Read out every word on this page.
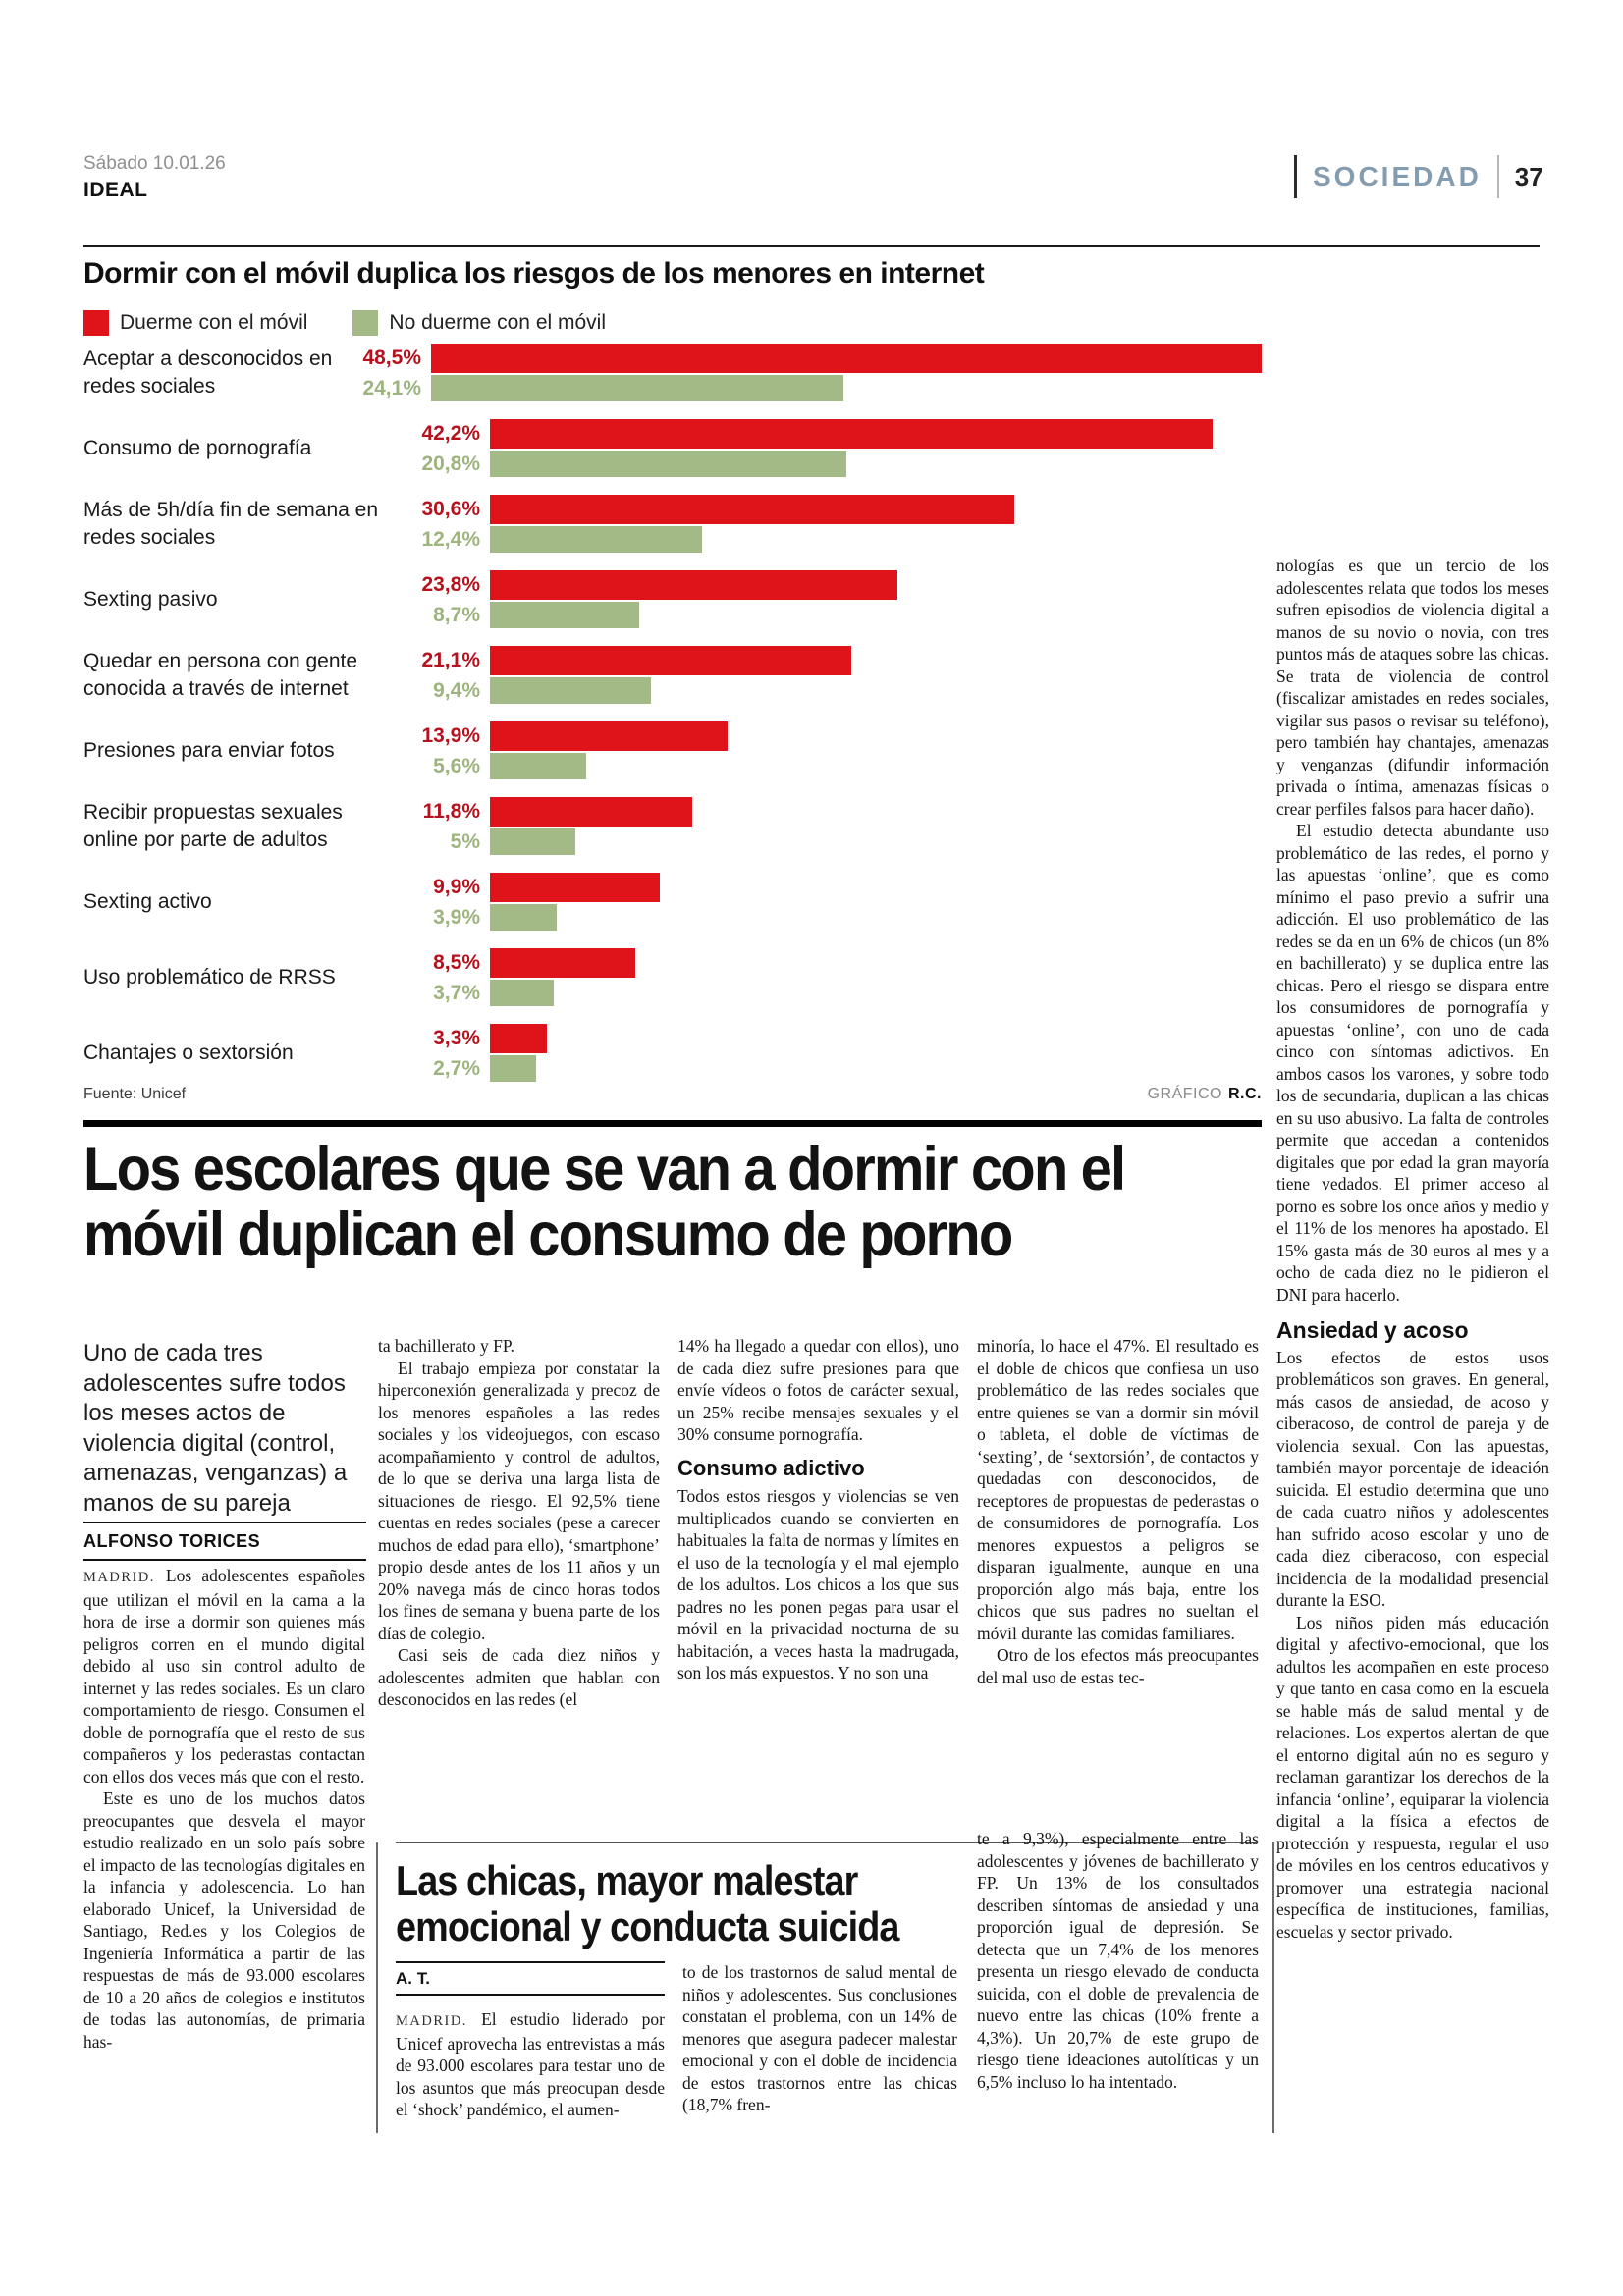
Sábado 10.01.26
IDEAL	SOCIEDAD 37
Dormir con el móvil duplica los riesgos de los menores en internet
Duerme con el móvil	No duerme con el móvil
Aceptar a desconocidos en redes sociales
48,5%
24,1%
Consumo de pornografía
42,2%
20,8%
Más de 5h/día fin de semana en redes sociales
30,6%
12,4%
Sexting pasivo
23,8%
8,7%
Quedar en persona con gente conocida a través de internet
21,1%
9,4%
Presiones para enviar fotos
13,9%
5,6%
Recibir propuestas sexuales online por parte de adultos
11,8%
5%
Sexting activo
9,9%
3,9%
Uso problemático de RRSS
8,5%
3,7%
Chantajes o sextorsión
3,3%
2,7%
Fuente: Unicef	GRÁFICO R.C.
Los escolares que se van a dormir con el móvil duplican el consumo de porno
Uno de cada tres adolescentes sufre todos los meses actos de violencia digital (control, amenazas, venganzas) a manos de su pareja
ALFONSO TORICES

MADRID. Los adolescentes españoles que utilizan el móvil en la cama a la hora de irse a dormir son quienes más peligros corren en el mundo digital debido al uso sin control adulto de internet y las redes sociales. Es un claro comportamiento de riesgo. Consumen el doble de pornografía que el resto de sus compañeros y los pederastas contactan con ellos dos veces más que con el resto.

Este es uno de los muchos datos preocupantes que desvela el mayor estudio realizado en un solo país sobre el impacto de las tecnologías digitales en la infancia y adolescencia. Lo han elaborado Unicef, la Universidad de Santiago, Red.es y los Colegios de Ingeniería Informática a partir de las respuestas de más de 93.000 escolares de 10 a 20 años de colegios e institutos de todas las autonomías, de primaria has-

ta bachillerato y FP.

El trabajo empieza por constatar la hiperconexión generalizada y precoz de los menores españoles a las redes sociales y los videojuegos, con escaso acompañamiento y control de adultos, de lo que se deriva una larga lista de situaciones de riesgo. El 92,5% tiene cuentas en redes sociales (pese a carecer muchos de edad para ello), ‘smartphone’ propio desde antes de los 11 años y un 20% navega más de cinco horas todos los fines de semana y buena parte de los días de colegio.

Casi seis de cada diez niños y adolescentes admiten que hablan con desconocidos en las redes (el

14% ha llegado a quedar con ellos), uno de cada diez sufre presiones para que envíe vídeos o fotos de carácter sexual, un 25% recibe mensajes sexuales y el 30% consume pornografía.

Consumo adictivo

Todos estos riesgos y violencias se ven multiplicados cuando se convierten en habituales la falta de normas y límites en el uso de la tecnología y el mal ejemplo de los adultos. Los chicos a los que sus padres no les ponen pegas para usar el móvil en la privacidad nocturna de su habitación, a veces hasta la madrugada, son los más expuestos. Y no son una

minoría, lo hace el 47%. El resultado es el doble de chicos que confiesa un uso problemático de las redes sociales que entre quienes se van a dormir sin móvil o tableta, el doble de víctimas de ‘sexting’, de ‘sextorsión’, de contactos y quedadas con desconocidos, de receptores de propuestas de pederastas o de consumidores de pornografía. Los menores expuestos a peligros se disparan igualmente, aunque en una proporción algo más baja, entre los chicos que sus padres no sueltan el móvil durante las comidas familiares.

Otro de los efectos más preocupantes del mal uso de estas tec-

Las chicas, mayor malestar emocional y conducta suicida
A. T.

MADRID. El estudio liderado por Unicef aprovecha las entrevistas a más de 93.000 escolares para testar uno de los asuntos que más preocupan desde el ‘shock’ pandémico, el aumen-

to de los trastornos de salud mental de niños y adolescentes. Sus conclusiones constatan el problema, con un 14% de menores que asegura padecer malestar emocional y con el doble de incidencia de estos trastornos entre las chicas (18,7% fren-

te a 9,3%), especialmente entre las adolescentes y jóvenes de bachillerato y FP. Un 13% de los consultados describen síntomas de ansiedad y una proporción igual de depresión. Se detecta que un 7,4% de los menores presenta un riesgo elevado de conducta suicida, con el doble de prevalencia de nuevo entre las chicas (10% frente a 4,3%). Un 20,7% de este grupo de riesgo tiene ideaciones autolíticas y un 6,5% incluso lo ha intentado.

nologías es que un tercio de los adolescentes relata que todos los meses sufren episodios de violencia digital a manos de su novio o novia, con tres puntos más de ataques sobre las chicas. Se trata de violencia de control (fiscalizar amistades en redes sociales, vigilar sus pasos o revisar su teléfono), pero también hay chantajes, amenazas y venganzas (difundir información privada o íntima, amenazas físicas o crear perfiles falsos para hacer daño).

El estudio detecta abundante uso problemático de las redes, el porno y las apuestas ‘online’, que es como mínimo el paso previo a sufrir una adicción. El uso problemático de las redes se da en un 6% de chicos (un 8% en bachillerato) y se duplica entre las chicas. Pero el riesgo se dispara entre los consumidores de pornografía y apuestas ‘online’, con uno de cada cinco con síntomas adictivos. En ambos casos los varones, y sobre todo los de secundaria, duplican a las chicas en su uso abusivo. La falta de controles permite que accedan a contenidos digitales que por edad la gran mayoría tiene vedados. El primer acceso al porno es sobre los once años y medio y el 11% de los menores ha apostado. El 15% gasta más de 30 euros al mes y a ocho de cada diez no le pidieron el DNI para hacerlo.

Ansiedad y acoso

Los efectos de estos usos problemáticos son graves. En general, más casos de ansiedad, de acoso y ciberacoso, de control de pareja y de violencia sexual. Con las apuestas, también mayor porcentaje de ideación suicida. El estudio determina que uno de cada cuatro niños y adolescentes han sufrido acoso escolar y uno de cada diez ciberacoso, con especial incidencia de la modalidad presencial durante la ESO.

Los niños piden más educación digital y afectivo-emocional, que los adultos les acompañen en este proceso y que tanto en casa como en la escuela se hable más de salud mental y de relaciones. Los expertos alertan de que el entorno digital aún no es seguro y reclaman garantizar los derechos de la infancia ‘online’, equiparar la violencia digital a la física a efectos de protección y respuesta, regular el uso de móviles en los centros educativos y promover una estrategia nacional específica de instituciones, familias, escuelas y sector privado.
